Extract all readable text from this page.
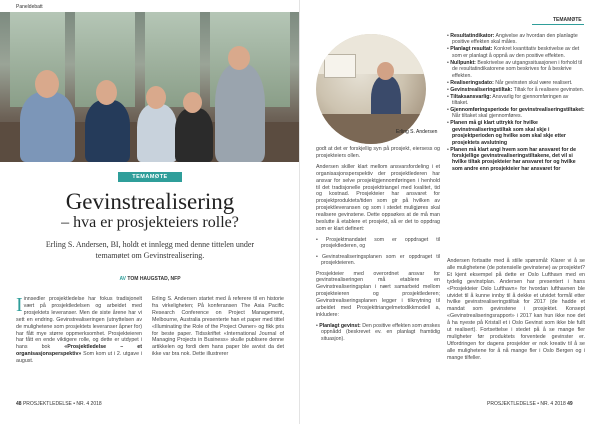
Paneldebatt
TEMAMØTE
Gevinstrealisering
– hva er prosjekteiers rolle?
Erling S. Andersen, BI, holdt et innlegg med denne tittelen under temamøtet om Gevinstrealisering.
AV TOM HAUGSTAD, NFP
I innsedler prosjektledelse har fokus tradisjonelt vært på prosjektledelsen og arbeidet med prosjektets leveranser. Men de siste årene har vi sett en endring. Gevinstrealiseringen (utnyttelsen av de mulighetene som prosjektets leveranser åpner for) har fått mye større oppmerksomhet. Prosjekteieren har fått en ende viktigere rolle, og dette er utdypet i hans bok «Prosjektledelse – et organisasjonsperspektiv» Som kom ut i 2. utgave i august.
Erling S. Andersen startet med å referere til en historie fra virkeligheten; På konferansen The Asia Pacific Research Conference on Project Management, Melbourne, Australia presenterte han et paper med tittel «Illuminating the Role of the Project Owner» og fikk pris for beste paper. Tidsskriftet «International Journal of Managing Projects in Business» skulle publisere denne artikkelen og fordi dem hans paper ble avvist da det ikke var bra nok. Dette illustrerer
48 PROSJEKTLEDELSE • NR. 4 2018
TEMAMØTE

godt at det er forskjellig syn på prosjekt, eiersess og prosjekteiers ollen.

Andersen skiller klart mellom ansvarsfordeling i et organisasjonsperspektiv der prosjektlederen har ansvar for selve prosjektgjennomføringen i henhold til det tradisjonelle prosjekttriangel med kvalitet, tid og kostnad. Prosjekteier har ansvaret for prosjektproduktets/tiden som gir på hvilken av prosjektleveransen og som i stedet muligjøres skal realisere gevinstene. Dette oppsøkes at de må man beslutte å etablere et prosjekt, så er det to oppdrag som er klart definert:

• Prosjektmandatet som er oppdraget til prosjektlederen, og

• Gevinstrealiseringsplanen som er oppdraget til prosjekteieren.

Prosjekteier med overordnet ansvar for gevinstrealiseringen må etablere en Gevinstrealiseringsplan i nært samarbeid mellom prosjekteieren og prosjektlederen; Gevinstrealiseringsplanen legger i tilknytning til arbeidet med Prosjekttriangelmetodikkmodell a, inkludere:

• Planlagt gevinst: Den positive effekten som ønskes oppnådd (beskrevet ev. en planlagt framtidig situasjon).

• Resultatindikator: Angivelse av hvordan den planlagte positive effekten skal måles.

• Planlagt resultat: Konkret kvantitativ beskrivelse av det som er planlagt å oppnå av den positive effekten.

• Nullpunkt: Beskrivelse av utgangssituasjonen i forhold til de resultatindikatorene som beskrives for å beskrive effekten.

• Realiseringsdato: Når gevinsten skal være realisert.

• Gevinstrealiseringstiltak: Tiltak for å realisere gevinsten.

• Tiltaksansvarlig: Ansvarlig for gjennomføringen av tiltaket.

• Gjennomføringsperiode for gevinstrealiseringstiltaket: Når tiltaket skal gjennomføres.

• Planen må gi klart uttrykk for hvilke gevinstrealiseringstiltak som skal skje i prosjektperioden og hvilke som skal skje etter prosjektets avslutning

• Planen må klart angi hvem som har ansvaret for de forskjellige gevinstrealiseringstiltakene, det vil si hvilke tiltak prosjekteier har ansvaret for og hvilke som andre enn prosjekteier har ansvaret for

Andersen fortsatte med å stille spørsmål: Klarer vi å se alle mulighetene (de potensielle gevinstene) av prosjektet? Et kjent eksempel på dette er Oslo Lufthavn med en tydelig gevinstplan. Andersen har presentert i hans «Prosjekteier Oslo Lufthavn» for hvordan lufthavnen ble utvidet til å kunne innby til å dekke et utvidet formål etter hvilke gevinstrealiseringstiltak for 2017 (de hadde et mandat som gevinstene i prosjektet. Konsept «Gevinstrealiseringsrapport» i 2017 kan hun ikke noe det å ha nyeste på Kristall et i Oslo Gevinst som ikke ble fullt ut realisert). Fortsettelse i stedet på å se mange fler muligheter før produktets forventede gevinster er. Utfordringen for dagens prosjekter er nok kreativ til å se alle mulighetene for å nå mange fler i Oslo Bergen og i mange tilfeller.
PROSJEKTLEDELSE • NR. 4 2018 49
Erling S. Andersen
